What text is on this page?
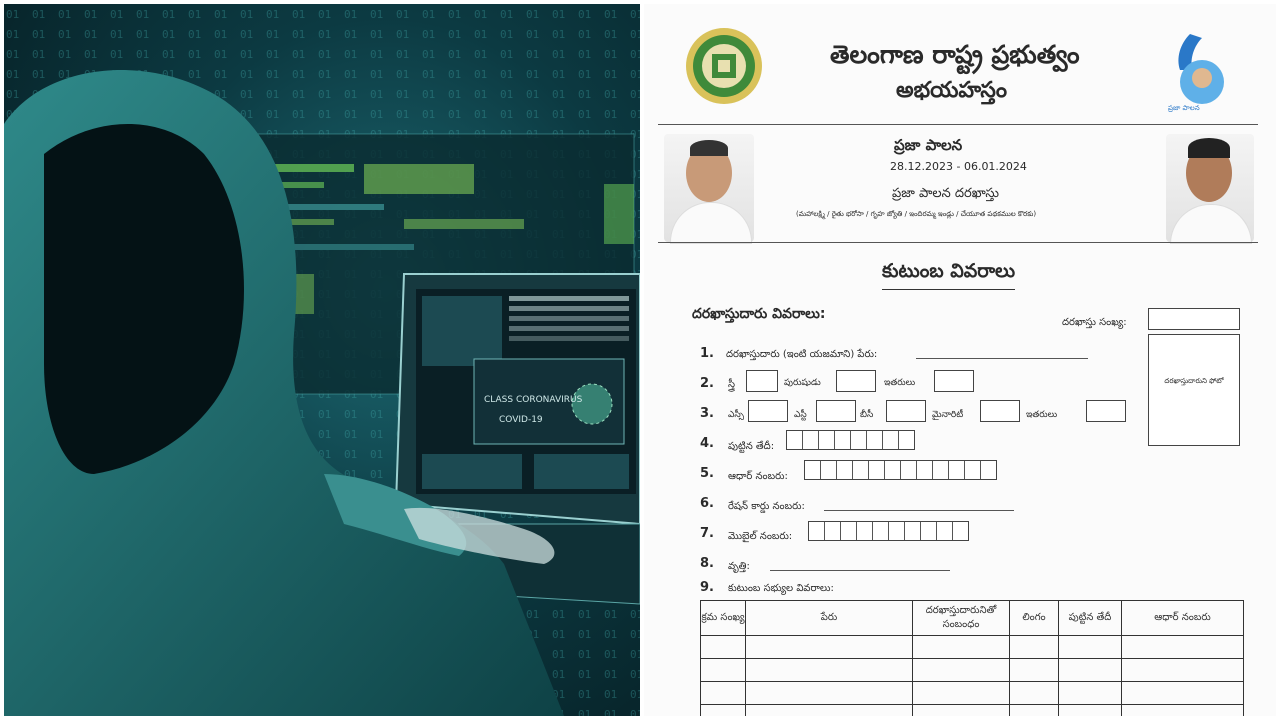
CLASS CORONAVIRUS
COVID-19
తెలంగాణ రాష్ట్ర ప్రభుత్వం
అభయహస్తం
ప్రజా పాలన
ప్రజా పాలన
28.12.2023 - 06.01.2024
ప్రజా పాలన దరఖాస్తు
(మహాలక్ష్మి / రైతు భరోసా / గృహ జ్యోతి / ఇందిరమ్మ ఇండ్లు / చేయూత పథకముల కొరకు)
కుటుంబ వివరాలు
దరఖాస్తుదారు వివరాలు:
దరఖాస్తు సంఖ్య:
దరఖాస్తుదారుని ఫోటో
1. దరఖాస్తుదారు (ఇంటి యజమాని) పేరు:
2. స్త్రీ	పురుషుడు	ఇతరులు
3. ఎస్సీ	ఎస్టీ	బీసీ	మైనారిటీ	ఇతరులు
4. పుట్టిన తేదీ:
5. ఆధార్ నంబరు:
6. రేషన్ కార్డు నంబరు:
7. మొబైల్ నంబరు:
8. వృత్తి:
9. కుటుంబ సభ్యుల వివరాలు:
క్రమ సంఖ్య	పేరు	దరఖాస్తుదారునితో సంబంధం	లింగం	పుట్టిన తేదీ	ఆధార్ నంబరు
